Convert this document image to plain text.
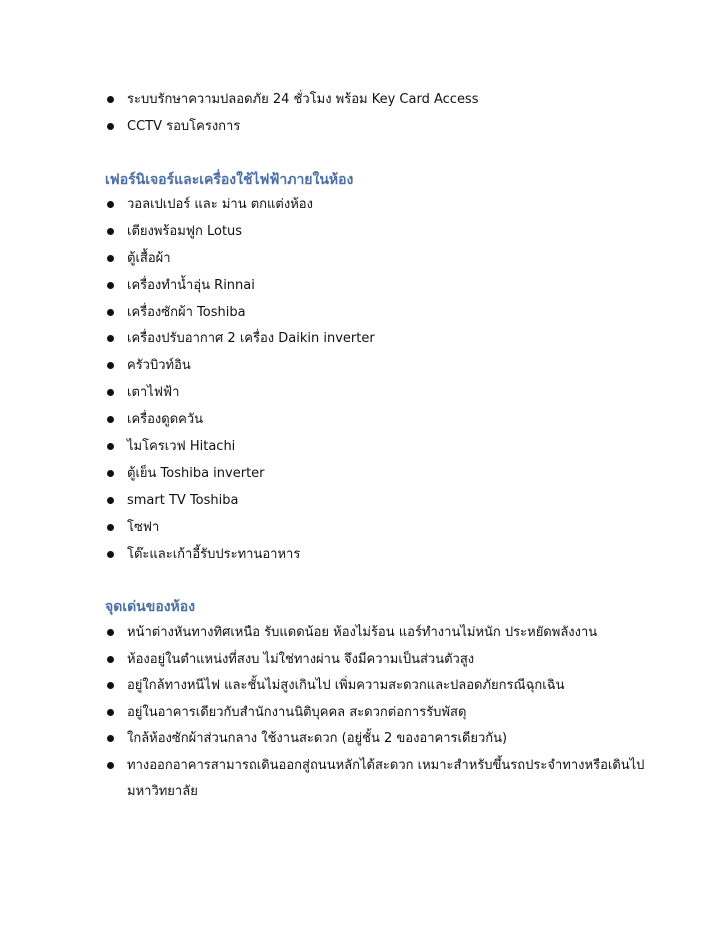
ระบบรักษาความปลอดภัย 24 ชั่วโมง พร้อม Key Card Access
CCTV รอบโครงการ
เฟอร์นิเจอร์และเครื่องใช้ไฟฟ้าภายในห้อง
วอลเปเปอร์ และ ม่าน ตกแต่งห้อง
เตียงพร้อมฟูก Lotus
ตู้เสื้อผ้า
เครื่องทำน้ำอุ่น Rinnai
เครื่องซักผ้า Toshiba
เครื่องปรับอากาศ 2 เครื่อง Daikin inverter
ครัวบิวท์อิน
เตาไฟฟ้า
เครื่องดูดควัน
ไมโครเวฟ Hitachi
ตู้เย็น Toshiba inverter
smart TV Toshiba
โซฟา
โต๊ะและเก้าอี้รับประทานอาหาร
จุดเด่นของห้อง
หน้าต่างหันทางทิศเหนือ รับแดดน้อย ห้องไม่ร้อน แอร์ทำงานไม่หนัก ประหยัดพลังงาน
ห้องอยู่ในตำแหน่งที่สงบ ไม่ใช่ทางผ่าน จึงมีความเป็นส่วนตัวสูง
อยู่ใกล้ทางหนีไฟ และชั้นไม่สูงเกินไป เพิ่มความสะดวกและปลอดภัยกรณีฉุกเฉิน
อยู่ในอาคารเดียวกับสำนักงานนิติบุคคล สะดวกต่อการรับพัสดุ
ใกล้ห้องซักผ้าส่วนกลาง ใช้งานสะดวก (อยู่ชั้น 2 ของอาคารเดียวกัน)
ทางออกอาคารสามารถเดินออกสู่ถนนหลักได้สะดวก เหมาะสำหรับขึ้นรถประจำทางหรือเดินไปมหาวิทยาลัย
